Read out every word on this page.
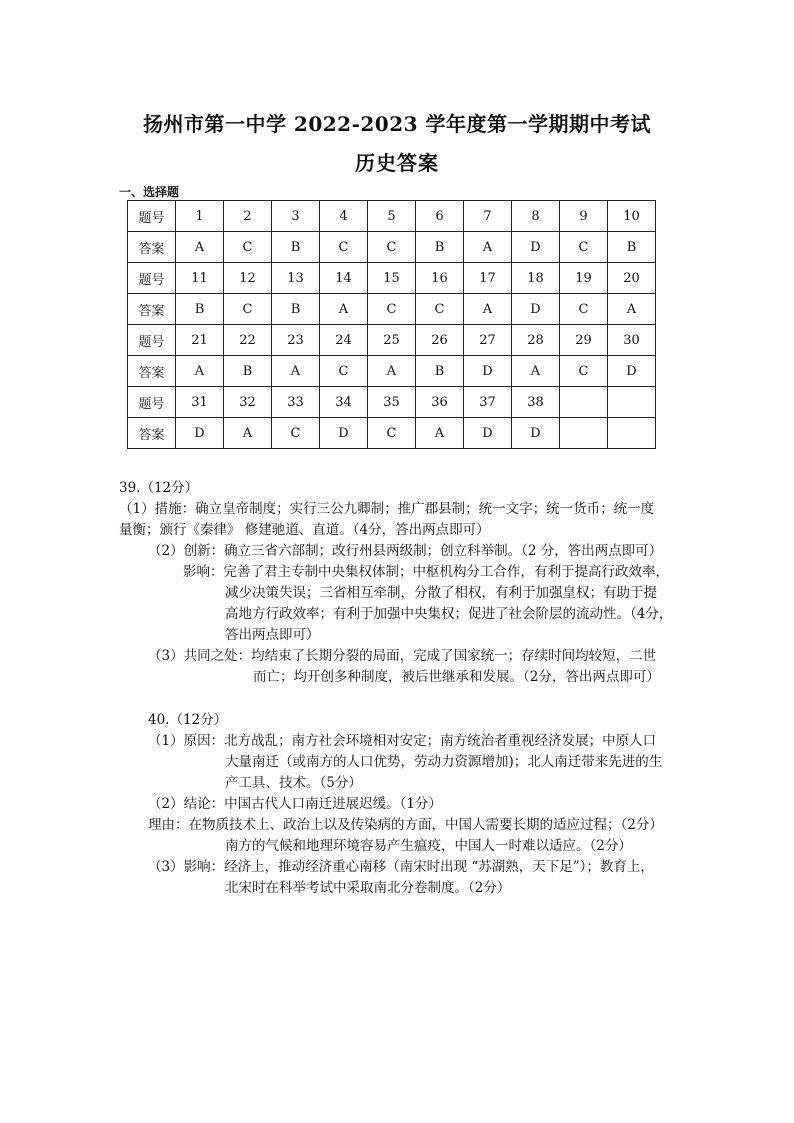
扬州市第一中学 2022-2023 学年度第一学期期中考试
历史答案
一、选择题
题号	1	2	3	4	5	6	7	8	9	10
答案	A	C	B	C	C	B	A	D	C	B
题号	11	12	13	14	15	16	17	18	19	20
答案	B	C	B	A	C	C	A	D	C	A
题号	21	22	23	24	25	26	27	28	29	30
答案	A	B	A	C	A	B	D	A	C	D
题号	31	32	33	34	35	36	37	38		
答案	D	A	C	D	C	A	D	D		
39.（12分）
（1）措施：确立皇帝制度；实行三公九卿制；推广郡县制；统一文字；统一货币；统一度
量衡；颁行《秦律》 修建驰道、直道。（4分，答出两点即可）
（2）创新：确立三省六部制；改行州县两级制；创立科举制。（2 分，答出两点即可）
影响：完善了君主专制中央集权体制；中枢机构分工合作，有利于提高行政效率，
减少决策失误；三省相互牵制，分散了相权，有利于加强皇权；有助于提
高地方行政效率；有利于加强中央集权；促进了社会阶层的流动性。（4分，
答出两点即可）
（3）共同之处：均结束了长期分裂的局面，完成了国家统一；存续时间均较短，二世
而亡；均开创多种制度，被后世继承和发展。（2分，答出两点即可）
40.（12分）
（1）原因：北方战乱；南方社会环境相对安定；南方统治者重视经济发展；中原人口
大量南迁（或南方的人口优势，劳动力资源增加)；北人南迁带来先进的生
产工具、技术。（5分）
（2）结论：中国古代人口南迁进展迟缓。（1分）
理由：在物质技术上、政治上以及传染病的方面，中国人需要长期的适应过程；（2分）
南方的气候和地理环境容易产生瘟疫，中国人一时难以适应。（2分）
（3）影响：经济上，推动经济重心南移（南宋时出现 “苏湖熟，天下足”）；教育上，
北宋时在科举考试中采取南北分卷制度。（2分）
